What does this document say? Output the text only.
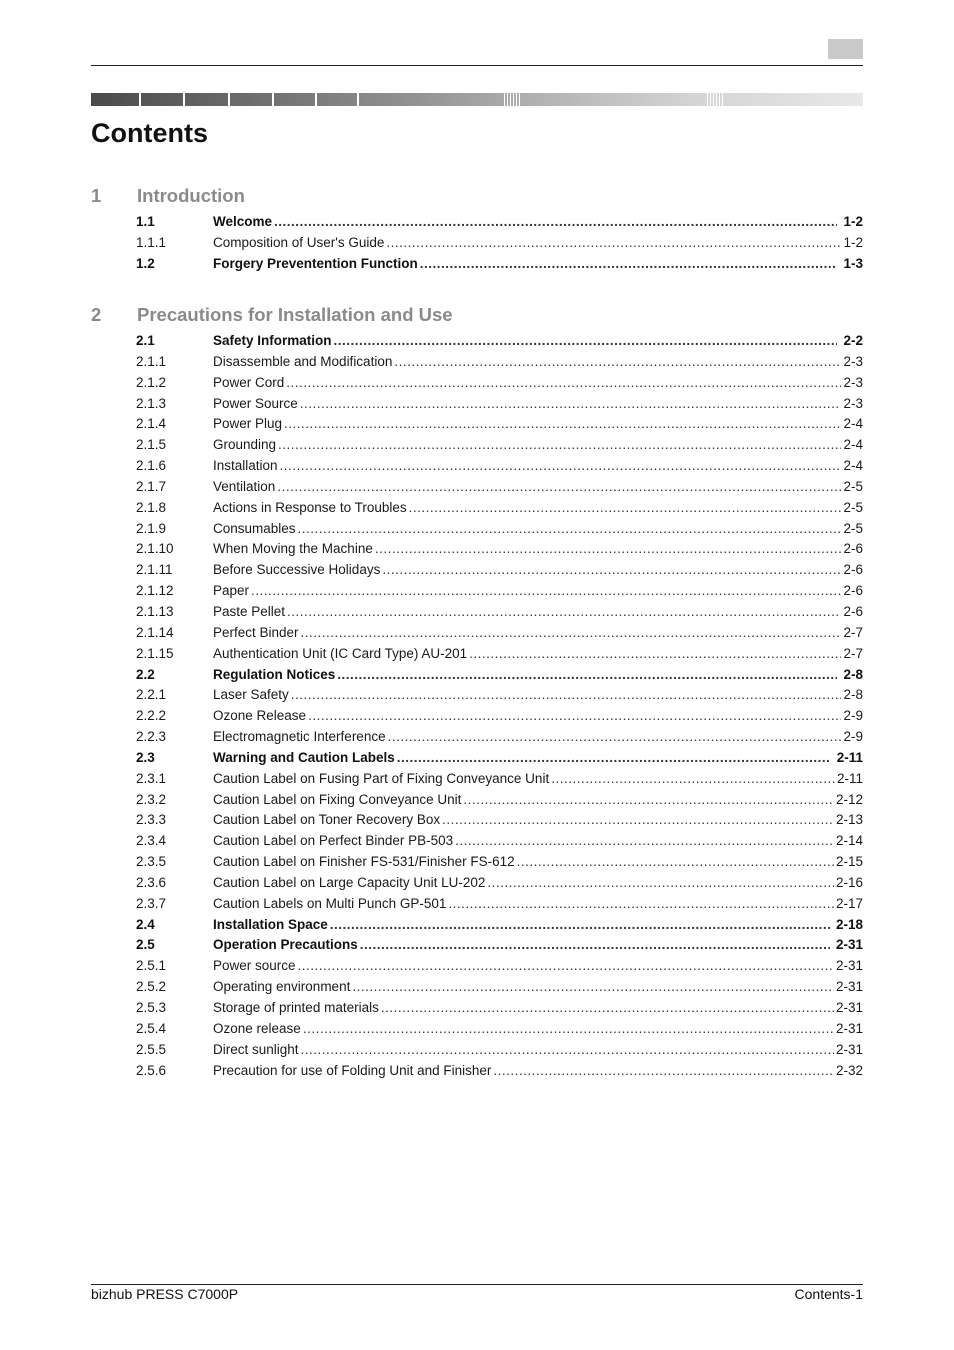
Contents
1 Introduction
1.1	Welcome .....	1-2
1.1.1	Composition of User's Guide .....	1-2
1.2	Forgery Preventention Function .....	1-3
2 Precautions for Installation and Use
2.1	Safety Information .....	2-2
2.1.1	Disassemble and Modification .....	2-3
2.1.2	Power Cord .....	2-3
2.1.3	Power Source .....	2-3
2.1.4	Power Plug .....	2-4
2.1.5	Grounding .....	2-4
2.1.6	Installation .....	2-4
2.1.7	Ventilation .....	2-5
2.1.8	Actions in Response to Troubles .....	2-5
2.1.9	Consumables .....	2-5
2.1.10	When Moving the Machine .....	2-6
2.1.11	Before Successive Holidays .....	2-6
2.1.12	Paper .....	2-6
2.1.13	Paste Pellet .....	2-6
2.1.14	Perfect Binder .....	2-7
2.1.15	Authentication Unit (IC Card Type) AU-201 .....	2-7
2.2	Regulation Notices .....	2-8
2.2.1	Laser Safety .....	2-8
2.2.2	Ozone Release .....	2-9
2.2.3	Electromagnetic Interference .....	2-9
2.3	Warning and Caution Labels .....	2-11
2.3.1	Caution Label on Fusing Part of Fixing Conveyance Unit .....	2-11
2.3.2	Caution Label on Fixing Conveyance Unit .....	2-12
2.3.3	Caution Label on Toner Recovery Box .....	2-13
2.3.4	Caution Label on Perfect Binder PB-503 .....	2-14
2.3.5	Caution Label on Finisher FS-531/Finisher FS-612 .....	2-15
2.3.6	Caution Label on Large Capacity Unit LU-202 .....	2-16
2.3.7	Caution Labels on Multi Punch GP-501 .....	2-17
2.4	Installation Space .....	2-18
2.5	Operation Precautions .....	2-31
2.5.1	Power source .....	2-31
2.5.2	Operating environment .....	2-31
2.5.3	Storage of printed materials .....	2-31
2.5.4	Ozone release .....	2-31
2.5.5	Direct sunlight .....	2-31
2.5.6	Precaution for use of Folding Unit and Finisher .....	2-32
bizhub PRESS C7000P	Contents-1
